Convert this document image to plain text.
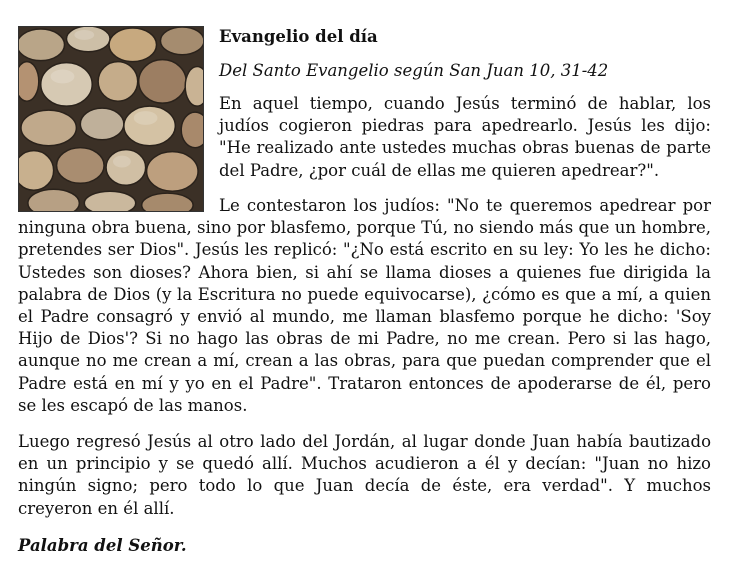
Evangelio del día

Del Santo Evangelio según San Juan 10, 31-42

En aquel tiempo, cuando Jesús terminó de hablar, los judíos cogieron piedras para apedrearlo. Jesús les dijo: "He realizado ante ustedes muchas obras buenas de parte del Padre, ¿por cuál de ellas me quieren apedrear?".

Le contestaron los judíos: "No te queremos apedrear por ninguna obra buena, sino por blasfemo, porque Tú, no siendo más que un hombre, pretendes ser Dios". Jesús les replicó: "¿No está escrito en su ley: Yo les he dicho: Ustedes son dioses? Ahora bien, si ahí se llama dioses a quienes fue dirigida la palabra de Dios (y la Escritura no puede equivocarse), ¿cómo es que a mí, a quien el Padre consagró y envió al mundo, me llaman blasfemo porque he dicho: 'Soy Hijo de Dios'? Si no hago las obras de mi Padre, no me crean. Pero si las hago, aunque no me crean a mí, crean a las obras, para que puedan comprender que el Padre está en mí y yo en el Padre". Trataron entonces de apoderarse de él, pero se les escapó de las manos.

Luego regresó Jesús al otro lado del Jordán, al lugar donde Juan había bautizado en un principio y se quedó allí. Muchos acudieron a él y decían: "Juan no hizo ningún signo; pero todo lo que Juan decía de éste, era verdad". Y muchos creyeron en él allí.

Palabra del Señor.
